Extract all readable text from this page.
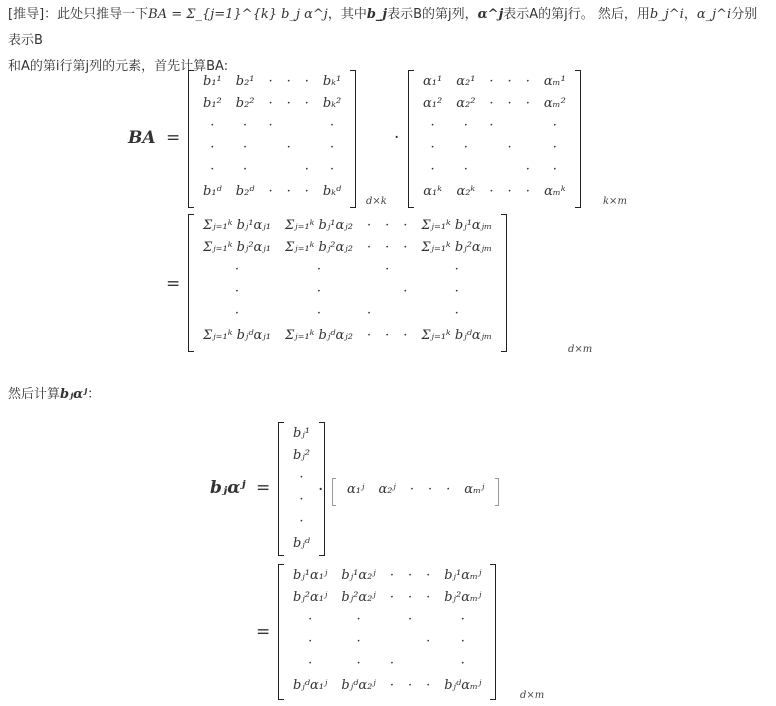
[推导]：此处只推导一下BA = Σ_{j=1}^{k} b_j α^j，其中b_j表示B的第j列，α^j表示A的第j行。 然后，用b_j^i，α_j^i分别表示B
和A的第i行第j列的元素，首先计算BA:
BA =
b₁¹	b₂¹	·	·	·	bₖ¹
b₁²	b₂²	·	·	·	bₖ²
·	·	·			·
·	·		·		·
·	·			·	·
b₁ᵈ	b₂ᵈ	·	·	·	bₖᵈ
d×k
·
α₁¹	α₂¹	·	·	·	αₘ¹
α₁²	α₂²	·	·	·	αₘ²
·	·	·			·
·	·		·		·
·	·			·	·
α₁ᵏ	α₂ᵏ	·	·	·	αₘᵏ
k×m
=
Σⱼ₌₁ᵏ bⱼ¹αⱼ₁	Σⱼ₌₁ᵏ bⱼ¹αⱼ₂	·	·	·	Σⱼ₌₁ᵏ bⱼ¹αⱼₘ
Σⱼ₌₁ᵏ bⱼ²αⱼ₁	Σⱼ₌₁ᵏ bⱼ²αⱼ₂	·	·	·	Σⱼ₌₁ᵏ bⱼ²αⱼₘ
·	·		·		·
·	·			·	·
·	·	·			·
Σⱼ₌₁ᵏ bⱼᵈαⱼ₁	Σⱼ₌₁ᵏ bⱼᵈαⱼ₂	·	·	·	Σⱼ₌₁ᵏ bⱼᵈαⱼₘ
d×m
然后计算bⱼαʲ：
bⱼαʲ =
bⱼ¹
bⱼ²
·
·
·
bⱼᵈ
· α₁ʲ	α₂ʲ	·	·	·	αₘʲ
=
bⱼ¹α₁ʲ	bⱼ¹α₂ʲ	·	·	·	bⱼ¹αₘʲ
bⱼ²α₁ʲ	bⱼ²α₂ʲ	·	·	·	bⱼ²αₘʲ
·	·		·		·
·	·			·	·
·	·	·			·
bⱼᵈα₁ʲ	bⱼᵈα₂ʲ	·	·	·	bⱼᵈαₘʲ
d×m
